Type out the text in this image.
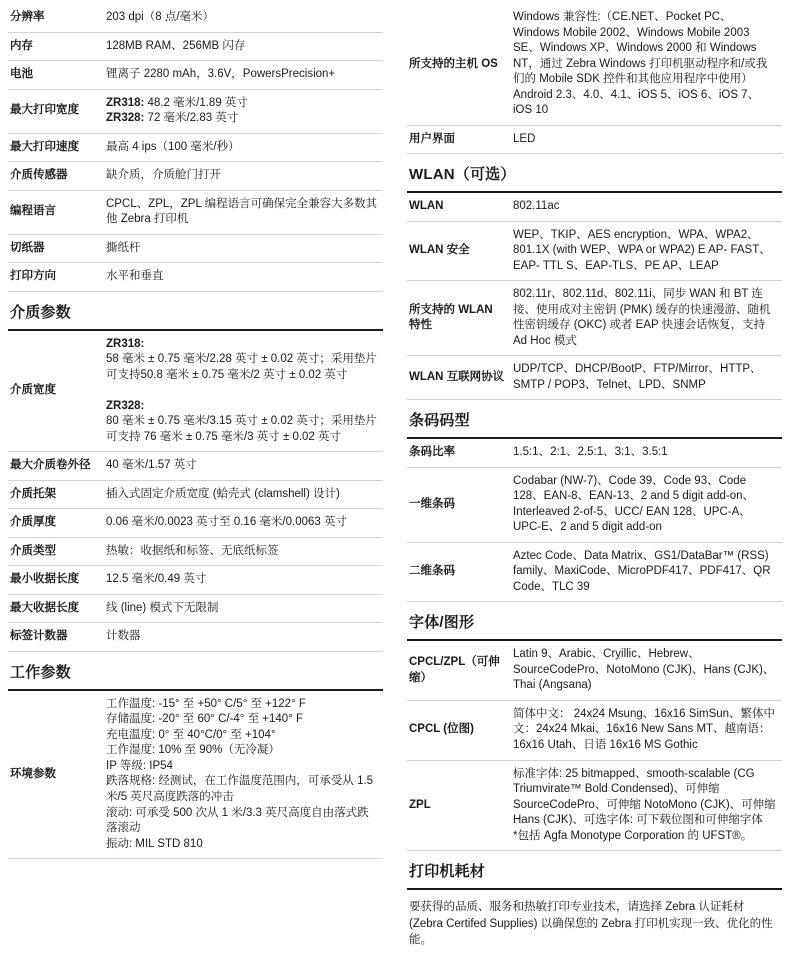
分辨率	203 dpi（8 点/毫米）
内存	128MB RAM、256MB 闪存
电池	锂离子 2280 mAh，3.6V，PowersPrecision+
最大打印宽度	ZR318: 48.2 毫米/1.89 英寸
ZR328: 72 毫米/2.83 英寸
最大打印速度	最高 4 ips（100 毫米/秒）
介质传感器	缺介质，介质舱门打开
编程语言	CPCL、ZPL，ZPL 编程语言可确保完全兼容大多数其他 Zebra 打印机
切纸器	撕纸杆
打印方向	水平和垂直
介质参数
介质宽度	ZR318:
58 毫米 ± 0.75 毫米/2.28 英寸 ± 0.02 英寸；采用垫片可支持50.8 毫米 ± 0.75 毫米/2 英寸 ± 0.02 英寸

ZR328:
80 毫米 ± 0.75 毫米/3.15 英寸 ± 0.02 英寸；采用垫片可支持 76 毫米 ± 0.75 毫米/3 英寸 ± 0.02 英寸
最大介质卷外径	40 毫米/1.57 英寸
介质托架	插入式固定介质宽度 (蛤壳式 (clamshell) 设计)
介质厚度	0.06 毫米/0.0023 英寸至 0.16 毫米/0.0063 英寸
介质类型	热敏：收据纸和标签、无底纸标签
最小收据长度	12.5 毫米/0.49 英寸
最大收据长度	线 (line) 模式下无限制
标签计数器	计数器
工作参数
环境参数	工作温度: -15° 至 +50° C/5° 至 +122° F
存储温度: -20° 至 60° C/-4° 至 +140° F
充电温度: 0° 至 40°C/0° 至 +104°
工作湿度: 10% 至 90%（无冷凝）
IP 等级: IP54
跌落规格: 经测试，在工作温度范围内，可承受从 1.5 米/5 英尺高度跌落的冲击
滚动: 可承受 500 次从 1 米/3.3 英尺高度自由落式跌落滚动
振动: MIL STD 810
所支持的主机 OS	Windows 兼容性:（CE.NET、Pocket PC、Windows Mobile 2002、Windows Mobile 2003 SE、Windows XP、Windows 2000 和 Windows NT，通过 Zebra Windows 打印机驱动程序和/或我们的 Mobile SDK 控件和其他应用程序中使用）Android 2.3、4.0、4.1、iOS 5、iOS 6、iOS 7、iOS 10
用户界面	LED
WLAN（可选）
WLAN	802.11ac
WLAN 安全	WEP、TKIP、AES encryption、WPA、WPA2、801.1X (with WEP、WPA or WPA2) E AP- FAST、EAP- TTL S、EAP-TLS、PE AP、LEAP
所支持的 WLAN 特性	802.11r、802.11d、802.11i、同步 WAN 和 BT 连接、使用成对主密钥 (PMK) 缓存的快速漫游、随机性密钥缓存 (OKC) 或者 EAP 快速会话恢复，支持 Ad Hoc 模式
WLAN 互联网协议	UDP/TCP、DHCP/BootP、FTP/Mirror、HTTP、SMTP / POP3、Telnet、LPD、SNMP
条码码型
条码比率	1.5:1、2:1、2.5:1、3:1、3.5:1
一维条码	Codabar (NW-7)、Code 39、Code 93、Code 128、EAN-8、EAN-13、2 and 5 digit add-on、Interleaved 2-of-5、UCC/ EAN 128、UPC-A、UPC-E、2 and 5 digit add-on
二维条码	Aztec Code、Data Matrix、GS1/DataBar™ (RSS) family、MaxiCode、MicroPDF417、PDF417、QR Code、TLC 39
字体/图形
CPCL/ZPL（可伸缩）	Latin 9、Arabic、Cryillic、Hebrew、SourceCodePro、NotoMono (CJK)、Hans (CJK)、Thai (Angsana)
CPCL (位图)	简体中文： 24x24 Msung、16x16 SimSun、繁体中文：24x24 Mkai、16x16 New Sans MT、越南语：16x16 Utah、日语 16x16 MS Gothic
ZPL	标准字体: 25 bitmapped、smooth-scalable (CG Triumvirate™ Bold Condensed)、可伸缩 SourceCodePro、可伸缩 NotoMono (CJK)、可伸缩 Hans (CJK)、可选字体: 可下载位图和可伸缩字体
*包括 Agfa Monotype Corporation 的 UFST®。
打印机耗材
要获得的品质、服务和热敏打印专业技术，请选择 Zebra 认证耗材 (Zebra Certifed Supplies) 以确保您的 Zebra 打印机实现一致、优化的性能。
